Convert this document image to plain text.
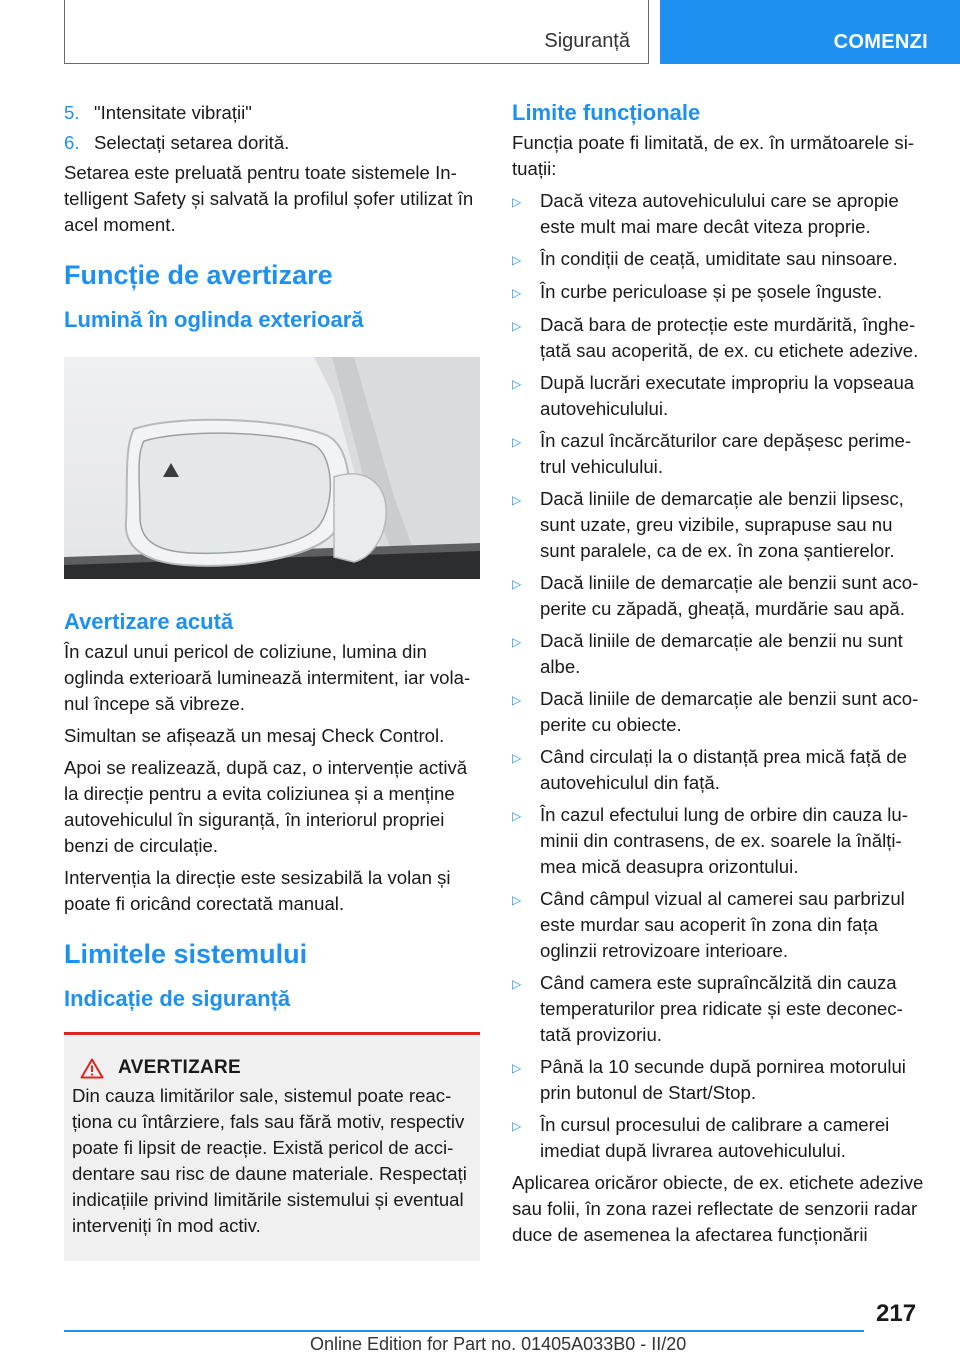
Siguranță	COMENZI
5. "Intensitate vibrații"
6. Selectați setarea dorită.

Setarea este preluată pentru toate sistemele Intelligent Safety și salvată la profilul șofer utilizat în acel moment.

Funcție de avertizare
Lumină în oglinda exterioară
Avertizare acută

În cazul unui pericol de coliziune, lumina din oglinda exterioară luminează intermitent, iar volanul începe să vibreze.

Simultan se afișează un mesaj Check Control.

Apoi se realizează, după caz, o intervenție activă la direcție pentru a evita coliziunea și a menține autovehiculul în siguranță, în interiorul propriei benzi de circulație.

Intervenția la direcție este sesizabilă la volan și poate fi oricând corectată manual.

Limitele sistemului
Indicație de siguranță
AVERTIZARE

Din cauza limitărilor sale, sistemul poate reacționa cu întârziere, fals sau fără motiv, respectiv poate fi lipsit de reacție. Există pericol de accidentare sau risc de daune materiale. Respectați indicațiile privind limitările sistemului și eventual interveniți în mod activ.

Limite funcționale

Funcția poate fi limitată, de ex. în următoarele situații:

▷	Dacă viteza autovehiculului care se apropie este mult mai mare decât viteza proprie.
▷	În condiții de ceață, umiditate sau ninsoare.
▷	În curbe periculoase și pe șosele înguste.
▷	Dacă bara de protecție este murdărită, înghețată sau acoperită, de ex. cu etichete adezive.
▷	După lucrări executate impropriu la vopseaua autovehiculului.
▷	În cazul încărcăturilor care depășesc perimetrul vehiculului.
▷	Dacă liniile de demarcație ale benzii lipsesc, sunt uzate, greu vizibile, suprapuse sau nu sunt paralele, ca de ex. în zona șantierelor.
▷	Dacă liniile de demarcație ale benzii sunt acoperite cu zăpadă, gheață, murdărie sau apă.
▷	Dacă liniile de demarcație ale benzii nu sunt albe.
▷	Dacă liniile de demarcație ale benzii sunt acoperite cu obiecte.
▷	Când circulați la o distanță prea mică față de autovehiculul din față.
▷	În cazul efectului lung de orbire din cauza luminii din contrasens, de ex. soarele la înălțimea mică deasupra orizontului.
▷	Când câmpul vizual al camerei sau parbrizul este murdar sau acoperit în zona din fața oglinzii retrovizoare interioare.
▷	Când camera este supraîncălzită din cauza temperaturilor prea ridicate și este deconectată provizoriu.
▷	Până la 10 secunde după pornirea motorului prin butonul de Start/Stop.
▷	În cursul procesului de calibrare a camerei imediat după livrarea autovehiculului.

Aplicarea oricăror obiecte, de ex. etichete adezive sau folii, în zona razei reflectate de senzorii radar duce de asemenea la afectarea funcționării

217
Online Edition for Part no. 01405A033B0 - II/20
